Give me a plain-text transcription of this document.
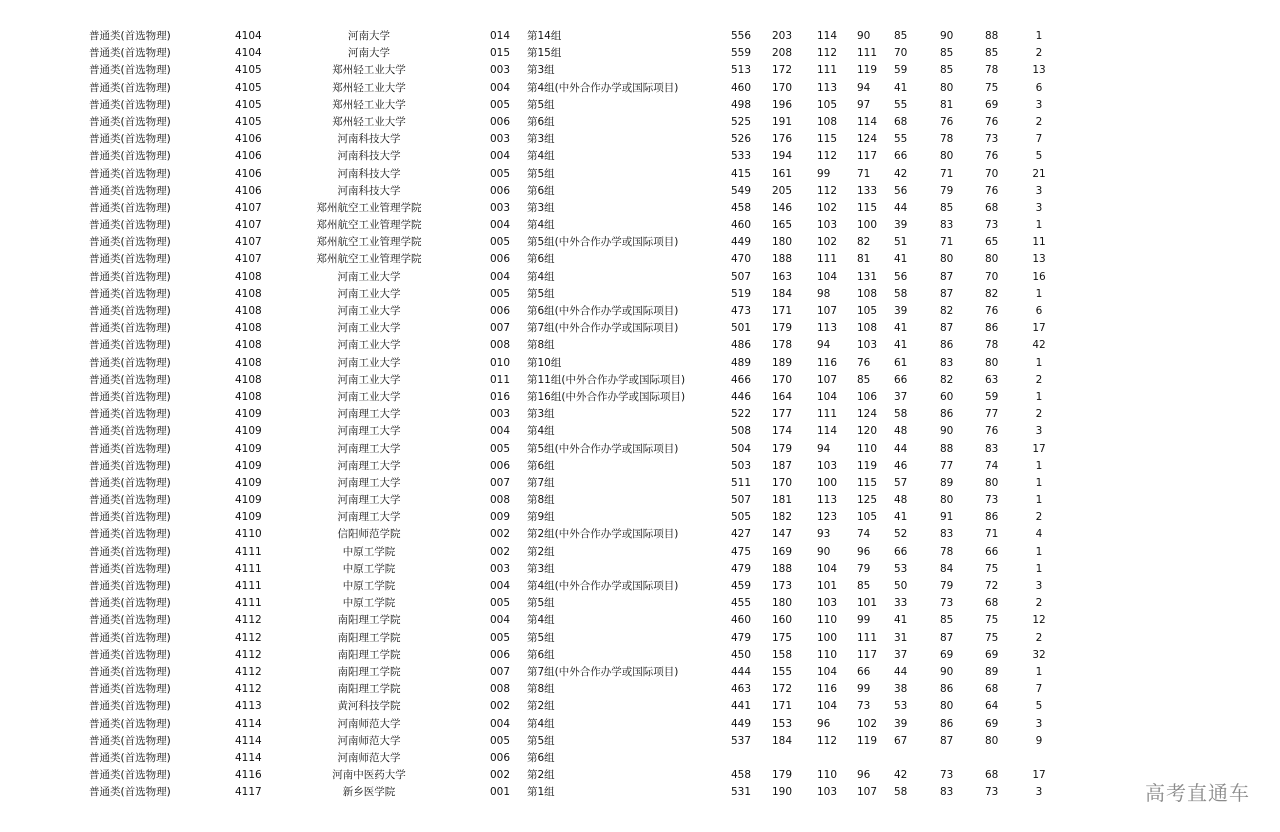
普通类(首选物理)	4104	河南大学	014 第14组	556 203 114 90 85	90	88	1
普通类(首选物理)	4104	河南大学	015 第15组	559 208 112 111 70	85	85	2
普通类(首选物理)	4105	郑州轻工业大学	003 第3组	513 172 111 119 59	85	78	13
普通类(首选物理)	4105	郑州轻工业大学	004 第4组(中外合作办学或国际项目)	460 170 113 94 41	80	75	6
普通类(首选物理)	4105	郑州轻工业大学	005 第5组	498 196 105 97 55	81	69	3
普通类(首选物理)	4105	郑州轻工业大学	006 第6组	525 191 108 114 68	76	76	2
普通类(首选物理)	4106	河南科技大学	003 第3组	526 176 115 124 55	78	73	7
普通类(首选物理)	4106	河南科技大学	004 第4组	533 194 112 117 66	80	76	5
普通类(首选物理)	4106	河南科技大学	005 第5组	415 161 99	71 42	71	70	21
普通类(首选物理)	4106	河南科技大学	006 第6组	549 205 112 133 56	79	76	3
普通类(首选物理)	4107	郑州航空工业管理学院	003 第3组	458 146 102 115 44	85	68	3
普通类(首选物理)	4107	郑州航空工业管理学院	004 第4组	460 165 103 100 39	83	73	1
普通类(首选物理)	4107	郑州航空工业管理学院	005 第5组(中外合作办学或国际项目)	449 180 102 82 51	71	65	11
普通类(首选物理)	4107	郑州航空工业管理学院	006 第6组	470 188 111 81 41	80	80	13
普通类(首选物理)	4108	河南工业大学	004 第4组	507 163 104 131 56	87	70	16
普通类(首选物理)	4108	河南工业大学	005 第5组	519 184 98	108 58	87	82	1
普通类(首选物理)	4108	河南工业大学	006 第6组(中外合作办学或国际项目)	473 171 107 105 39	82	76	6
普通类(首选物理)	4108	河南工业大学	007 第7组(中外合作办学或国际项目)	501 179 113 108 41	87	86	17
普通类(首选物理)	4108	河南工业大学	008 第8组	486 178 94	103 41	86	78	42
普通类(首选物理)	4108	河南工业大学	010 第10组	489 189 116 76 61	83	80	1
普通类(首选物理)	4108	河南工业大学	011 第11组(中外合作办学或国际项目)	466 170 107 85 66	82	63	2
普通类(首选物理)	4108	河南工业大学	016 第16组(中外合作办学或国际项目)	446 164 104 106 37	60	59	1
普通类(首选物理)	4109	河南理工大学	003 第3组	522 177 111 124 58	86	77	2
普通类(首选物理)	4109	河南理工大学	004 第4组	508 174 114 120 48	90	76	3
普通类(首选物理)	4109	河南理工大学	005 第5组(中外合作办学或国际项目)	504 179 94	110 44	88	83	17
普通类(首选物理)	4109	河南理工大学	006 第6组	503 187 103 119 46	77	74	1
普通类(首选物理)	4109	河南理工大学	007 第7组	511 170 100 115 57	89	80	1
普通类(首选物理)	4109	河南理工大学	008 第8组	507 181 113 125 48	80	73	1
普通类(首选物理)	4109	河南理工大学	009 第9组	505 182 123 105 41	91	86	2
普通类(首选物理)	4110	信阳师范学院	002 第2组(中外合作办学或国际项目)	427 147 93	74 52	83	71	4
普通类(首选物理)	4111	中原工学院	002 第2组	475 169 90	96 66	78	66	1
普通类(首选物理)	4111	中原工学院	003 第3组	479 188 104 79 53	84	75	1
普通类(首选物理)	4111	中原工学院	004 第4组(中外合作办学或国际项目)	459 173 101 85 50	79	72	3
普通类(首选物理)	4111	中原工学院	005 第5组	455 180 103 101 33	73	68	2
普通类(首选物理)	4112	南阳理工学院	004 第4组	460 160 110 99 41	85	75	12
普通类(首选物理)	4112	南阳理工学院	005 第5组	479 175 100 111 31	87	75	2
普通类(首选物理)	4112	南阳理工学院	006 第6组	450 158 110 117 37	69	69	32
普通类(首选物理)	4112	南阳理工学院	007 第7组(中外合作办学或国际项目)	444 155 104 66 44	90	89	1
普通类(首选物理)	4112	南阳理工学院	008 第8组	463 172 116 99 38	86	68	7
普通类(首选物理)	4113	黄河科技学院	002 第2组	441 171 104 73 53	80	64	5
普通类(首选物理)	4114	河南师范大学	004 第4组	449 153 96	102 39	86	69	3
普通类(首选物理)	4114	河南师范大学	005 第5组	537 184 112 119 67	87	80	9
普通类(首选物理)	4114	河南师范大学	006 第6组
普通类(首选物理)	4116	河南中医药大学	002 第2组	458 179 110 96 42	73	68	17
普通类(首选物理)	4117	新乡医学院	001 第1组	531 190 103 107 58	83	73	3	高考直通车
